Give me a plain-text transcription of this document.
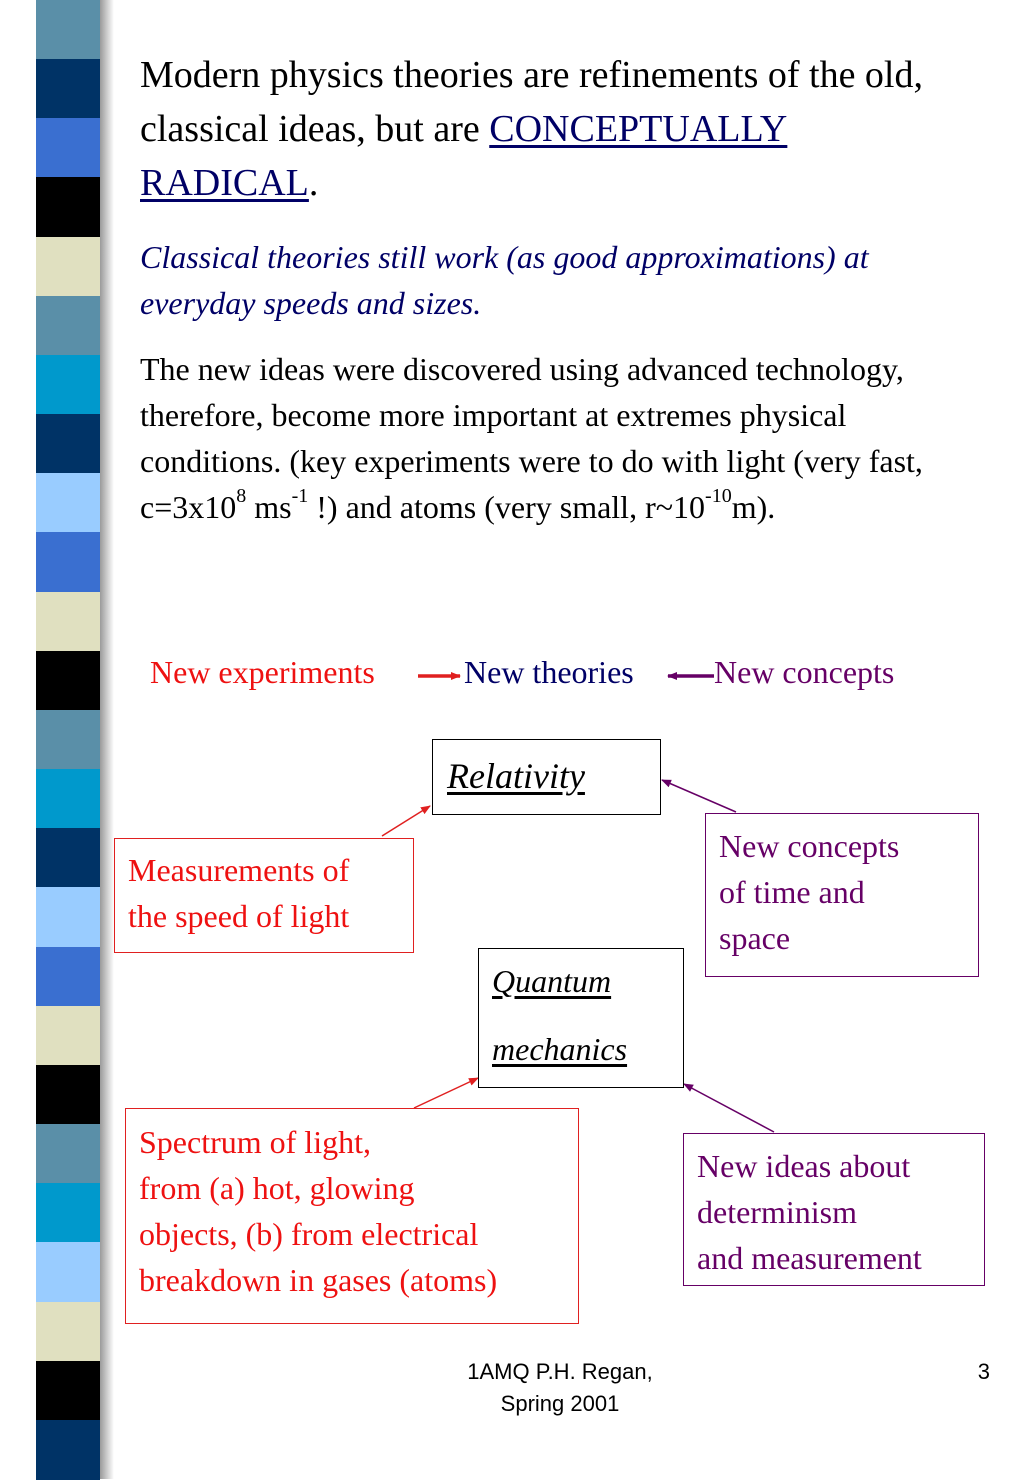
Modern physics theories are refinements of the old, classical ideas, but are CONCEPTUALLY RADICAL.
Classical theories still work (as good approximations) at everyday speeds and sizes.
The new ideas were discovered using advanced technology, therefore, become more important at extremes physical conditions. (key experiments were to do with light (very fast, $c=3x10^8$ $ms^{-1}$ !) and atoms (very small, $r\sim 10^{-10}m$).
New experiments	New theories	New concepts
Relativity
Measurements of
the speed of light
New concepts
of time and
space
Quantum
mechanics
Spectrum of light,
from (a) hot, glowing
objects, (b) from electrical
breakdown in gases (atoms)
New ideas about
determinism
and measurement
1AMQ P.H. Regan,
Spring 2001
3
